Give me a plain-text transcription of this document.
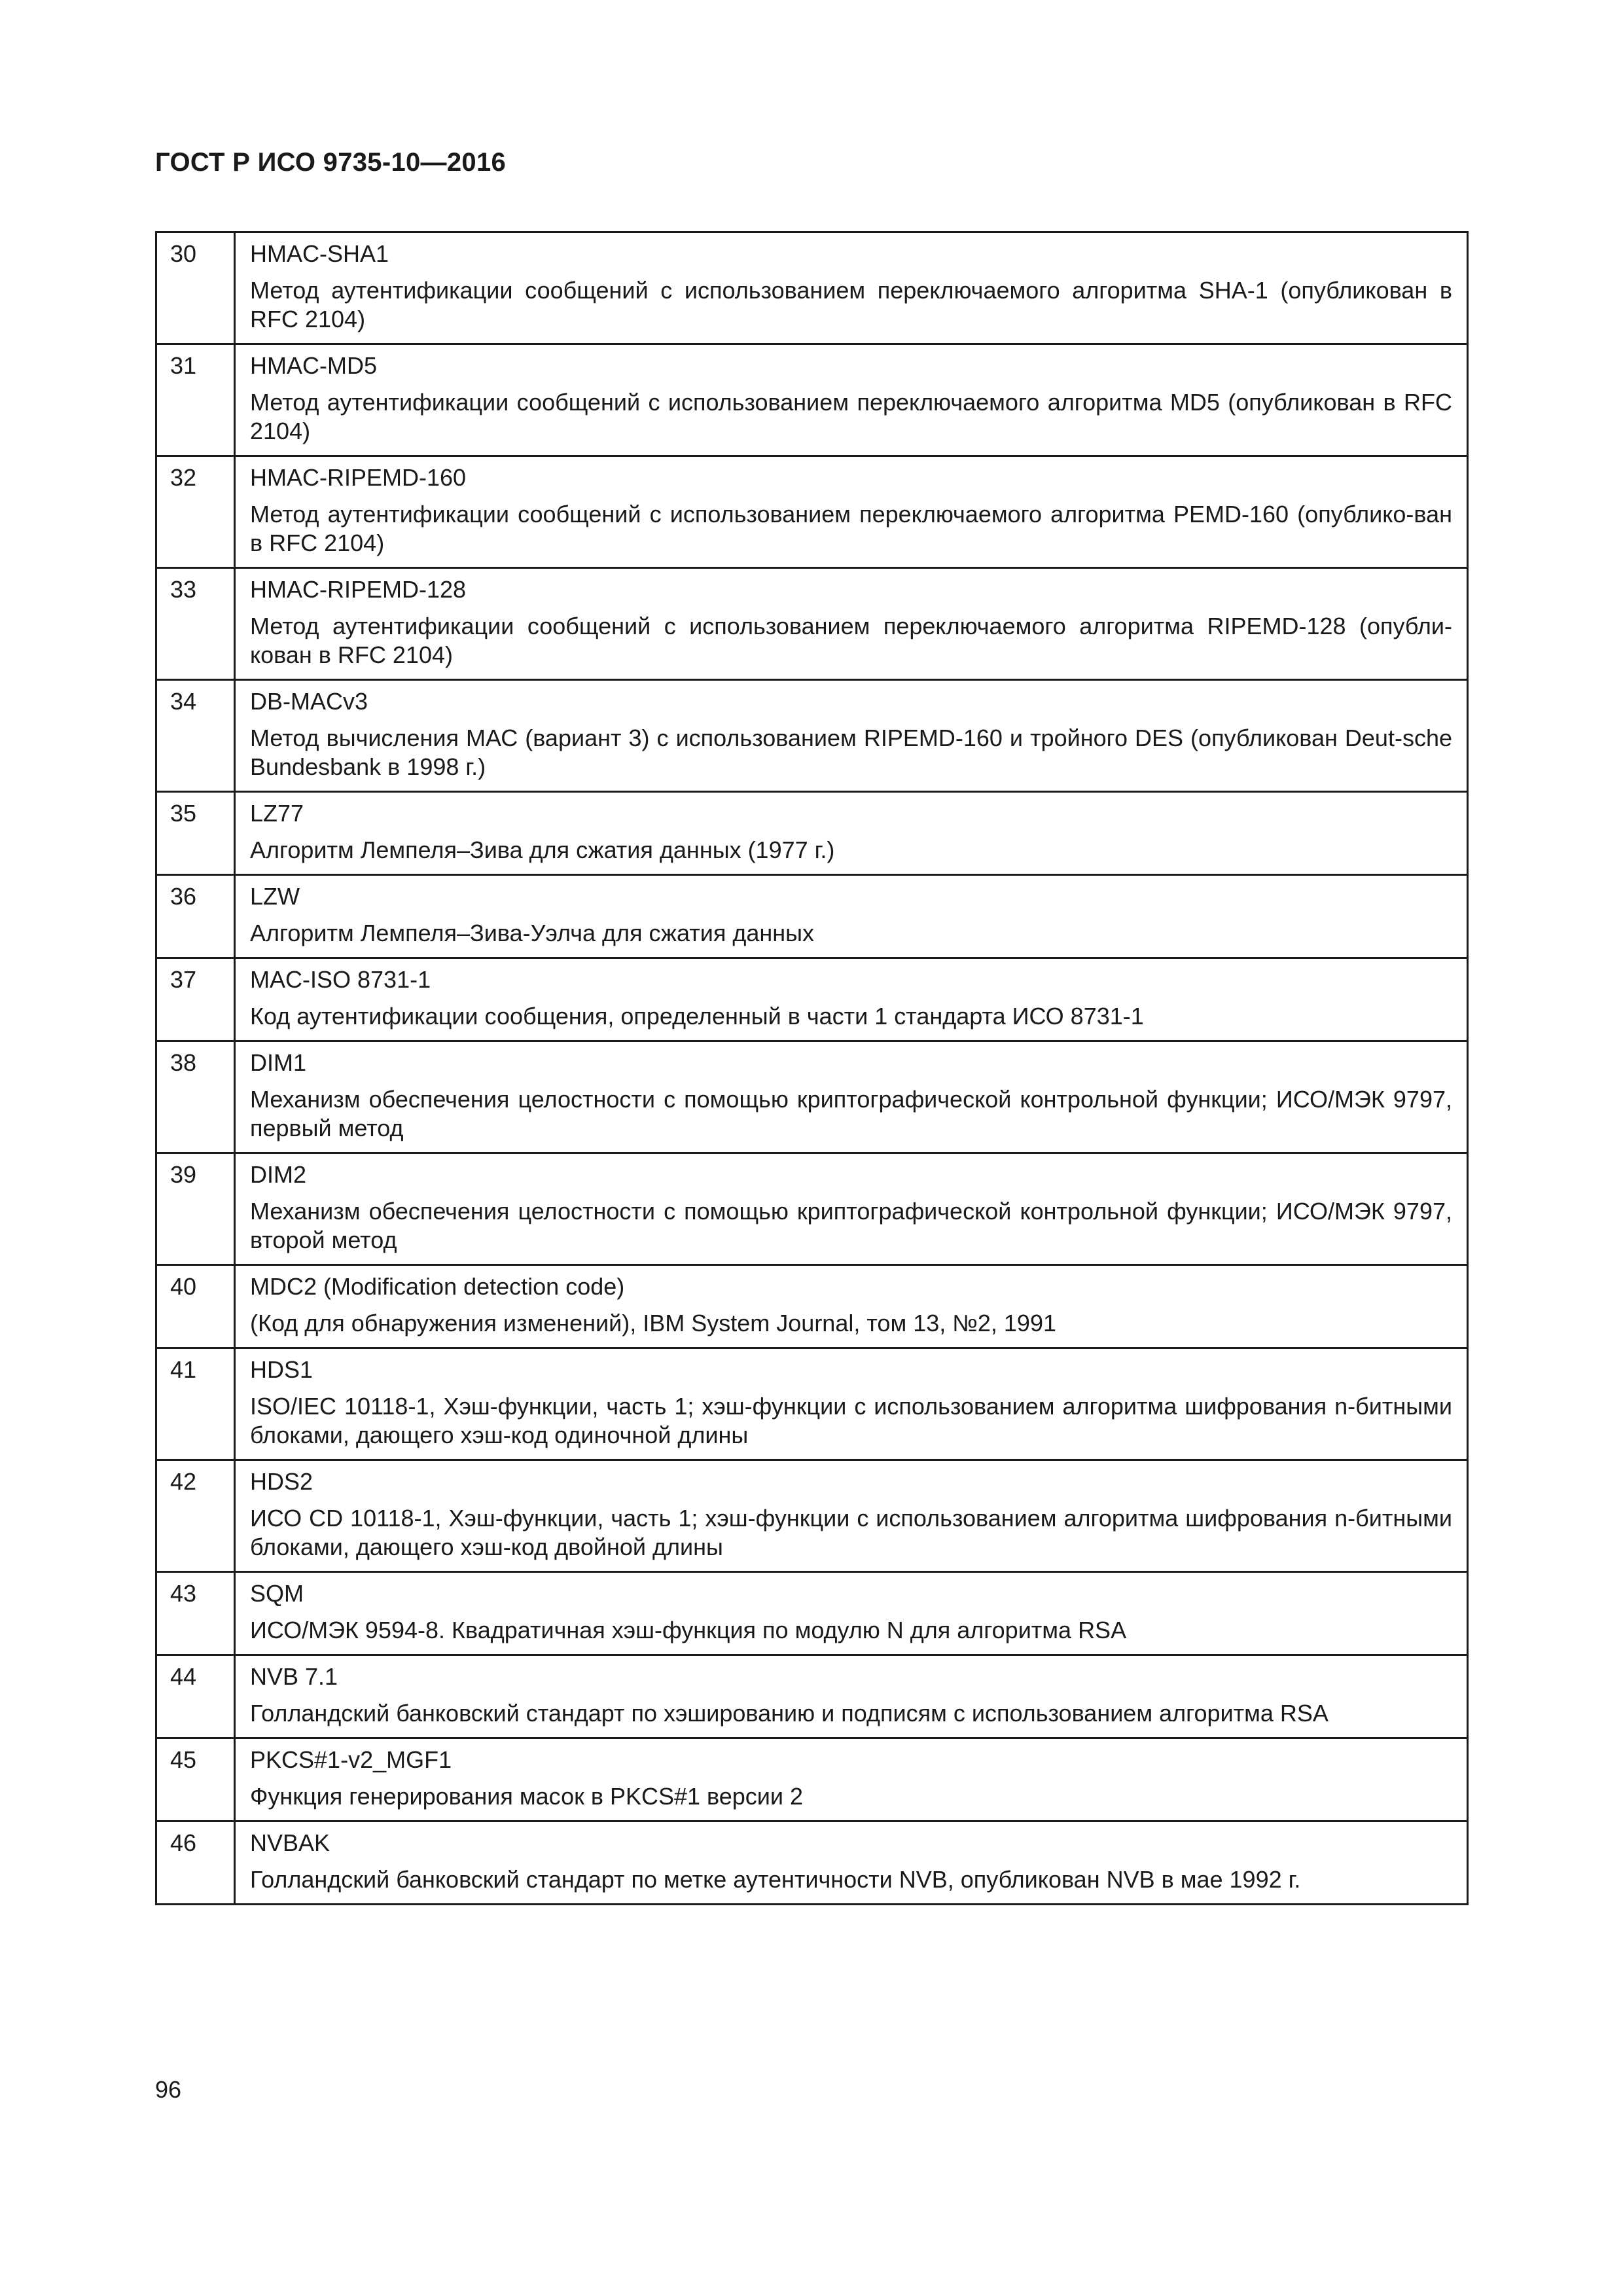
ГОСТ Р ИСО 9735-10—2016
30	HMAC-SHA1
Метод аутентификации сообщений с использованием переключаемого алгоритма SHA-1 (опубликован в RFC 2104)

31	HMAC-MD5
Метод аутентификации сообщений с использованием переключаемого алгоритма MD5 (опубликован в RFC 2104)

32	HMAC-RIPEMD-160
Метод аутентификации сообщений с использованием переключаемого алгоритма PEMD-160 (опублико-ван в RFC 2104)

33	HMAC-RIPEMD-128
Метод аутентификации сообщений с использованием переключаемого алгоритма RIPEMD-128 (опубли-кован в RFC 2104)

34	DB-MACv3
Метод вычисления МАС (вариант 3) с использованием RIPEMD-160 и тройного DES (опубликован Deut-sche Bundesbank в 1998 г.)

35	LZ77
Алгоритм Лемпеля–Зива для сжатия данных (1977 г.)

36	LZW
Алгоритм Лемпеля–Зива-Уэлча для сжатия данных

37	MAC-ISO 8731-1
Код аутентификации сообщения, определенный в части 1 стандарта ИСО 8731-1

38	DIM1
Механизм обеспечения целостности с помощью криптографической контрольной функции; ИСО/МЭК 9797, первый метод

39	DIM2
Механизм обеспечения целостности с помощью криптографической контрольной функции; ИСО/МЭК 9797, второй метод

40	MDC2 (Modification detection code)
(Код для обнаружения изменений), IBM System Journal, том 13, №2, 1991

41	HDS1
ISO/IEC 10118-1, Хэш-функции, часть 1; хэш-функции с использованием алгоритма шифрования n-битными блоками, дающего хэш-код одиночной длины

42	HDS2
ИСО CD 10118-1, Хэш-функции, часть 1; хэш-функции с использованием алгоритма шифрования n-битными блоками, дающего хэш-код двойной длины

43	SQM
ИСО/МЭК 9594-8. Квадратичная хэш-функция по модулю N для алгоритма RSA

44	NVB 7.1
Голландский банковский стандарт по хэшированию и подписям с использованием алгоритма RSA

45	PKCS#1-v2_MGF1
Функция генерирования масок в PKCS#1 версии 2

46	NVBAK
Голландский банковский стандарт по метке аутентичности NVB, опубликован NVB в мае 1992 г.
96
